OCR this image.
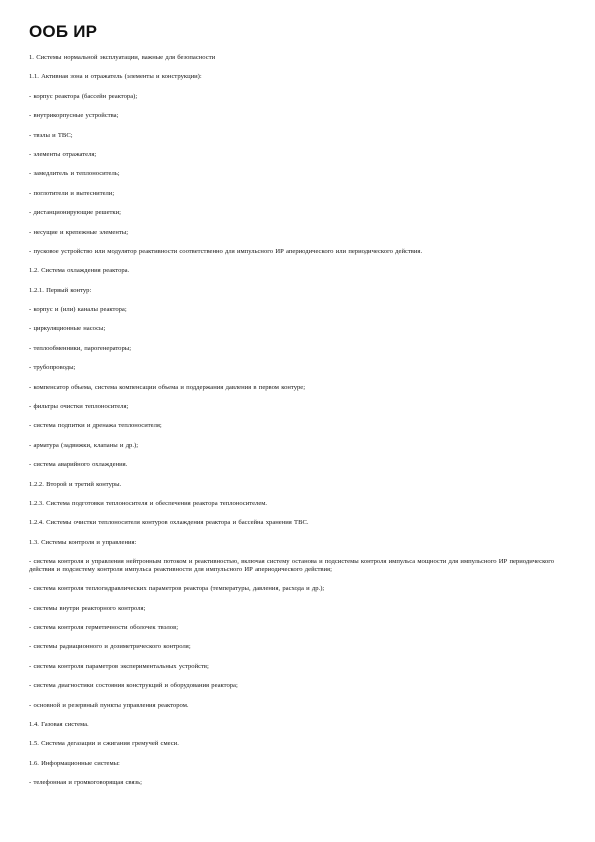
ООБ ИР
1. Системы нормальной эксплуатации, важные для безопасности
1.1. Активная зона и отражатель (элементы и конструкции):
- корпус реактора (бассейн реактора);
- внутрикорпусные устройства;
- твэлы и ТВС;
- элементы отражателя;
- замедлитель и теплоноситель;
- поглотители и вытеснители;
- дистанционирующие решетки;
- несущие и крепежные элементы;
- пусковое устройство или модулятор реактивности соответственно для импульсного ИР апериодического или периодического действия.
1.2. Система охлаждения реактора.
1.2.1. Первый контур:
- корпус и (или) каналы реактора;
- циркуляционные насосы;
- теплообменники, парогенераторы;
- трубопроводы;
- компенсатор объема, система компенсации объема и поддержания давления в первом контуре;
- фильтры очистки теплоносителя;
- система подпитки и дренажа теплоносителя;
- арматура (задвижки, клапаны и др.);
- система аварийного охлаждения.
1.2.2. Второй и третий контуры.
1.2.3. Система подготовки теплоносителя и обеспечения реактора теплоносителем.
1.2.4. Системы очистки теплоносителя контуров охлаждения реактора и бассейна хранения ТВС.
1.3. Системы контроля и управления:
- система контроля и управления нейтронным потоком и реактивностью, включая систему останова и подсистемы контроля импульса мощности для импульсного ИР периодического действия и подсистему контроля импульса реактивности для импульсного ИР апериодического действия;
- система контроля теплогидравлических параметров реактора (температуры, давления, расхода и др.);
- системы внутри реакторного контроля;
- система контроля герметичности оболочек твэлов;
- системы радиационного и дозиметрического контроля;
- система контроля параметров экспериментальных устройств;
- система диагностики состояния конструкций и оборудования реактора;
- основной и резервный пункты управления реактором.
1.4. Газовая система.
1.5. Система дегазации и сжигания гремучей смеси.
1.6. Информационные системы:
- телефонная и громкоговорящая связь;
